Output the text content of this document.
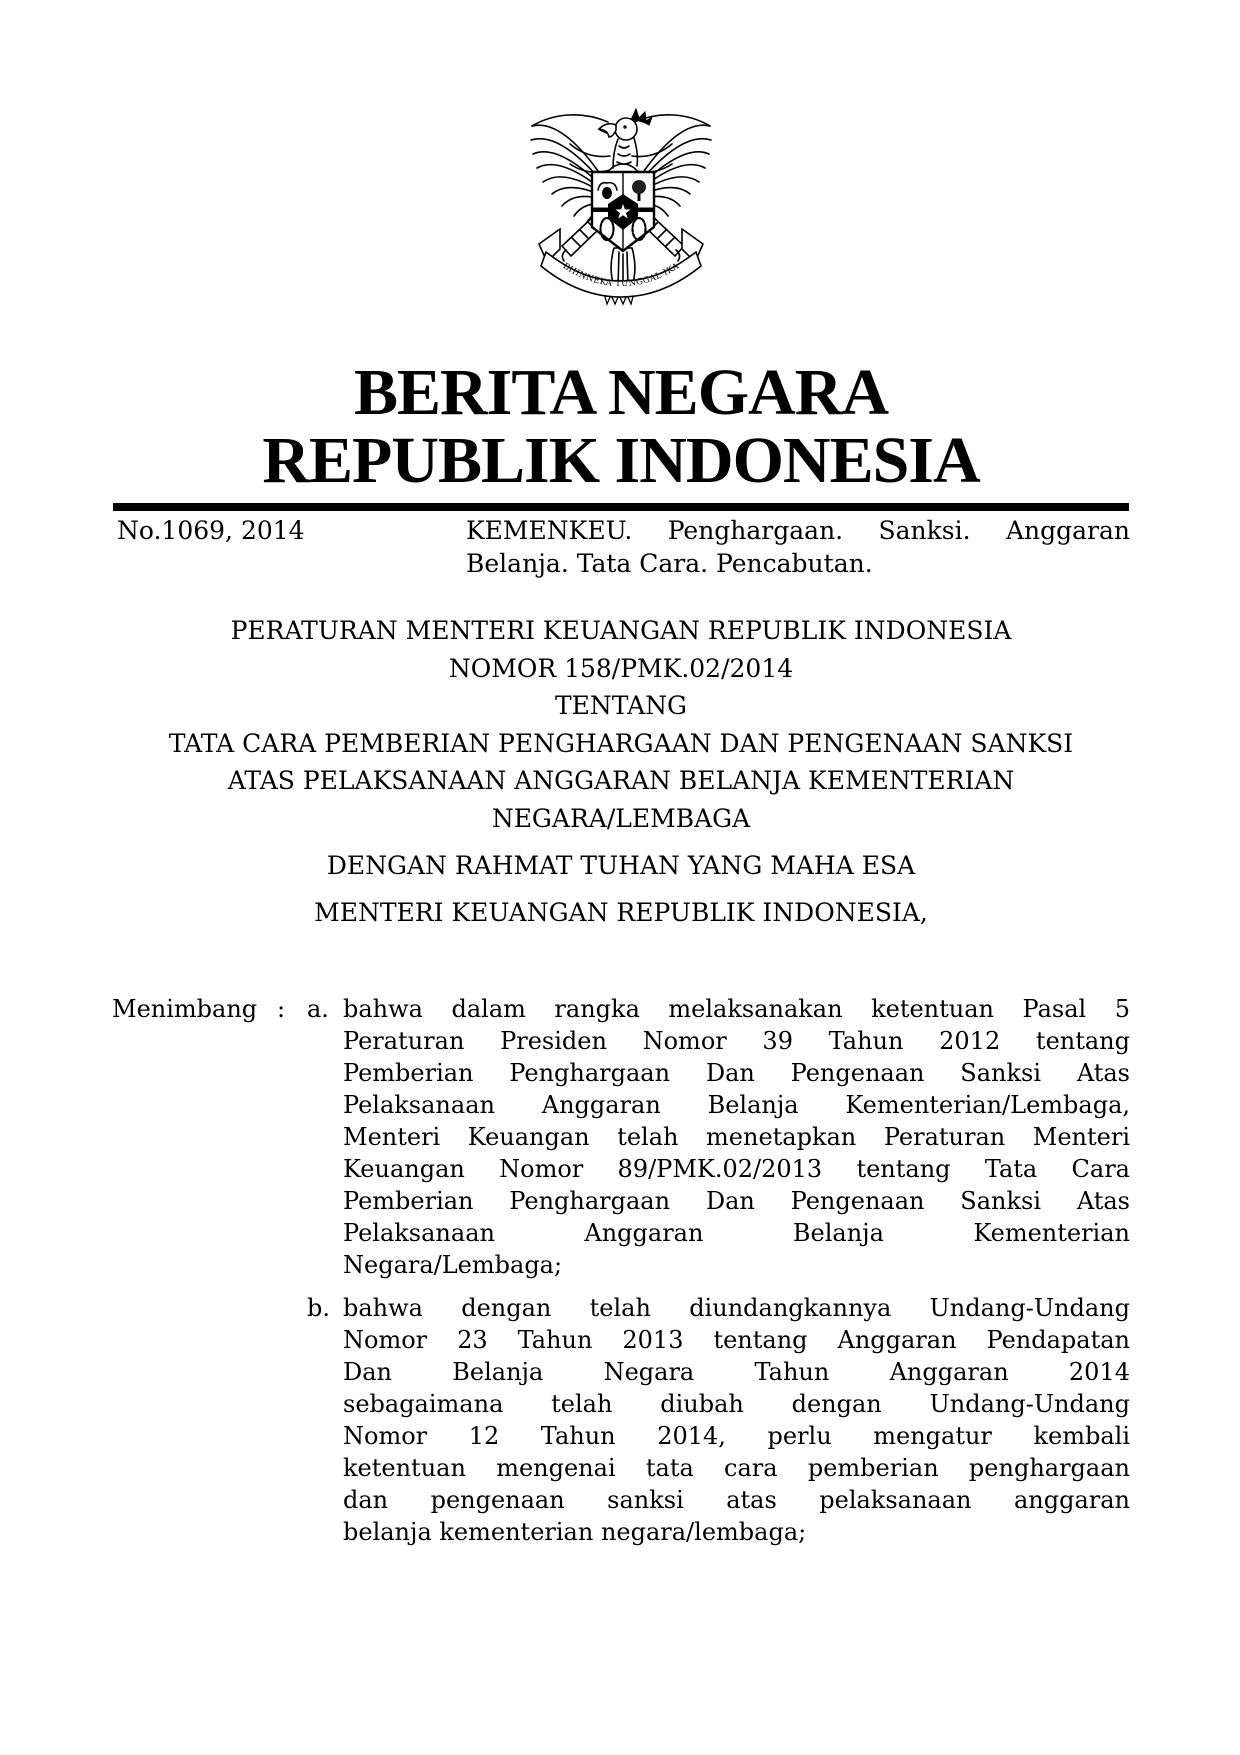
BHINNEKA TUNGGAL IKA
BERITA NEGARA
REPUBLIK INDONESIA
No.1069, 2014	KEMENKEU. Penghargaan. Sanksi. Anggaran
Belanja. Tata Cara. Pencabutan.
PERATURAN MENTERI KEUANGAN REPUBLIK INDONESIA
NOMOR 158/PMK.02/2014
TENTANG
TATA CARA PEMBERIAN PENGHARGAAN DAN PENGENAAN SANKSI
ATAS PELAKSANAAN ANGGARAN BELANJA KEMENTERIAN
NEGARA/LEMBAGA
DENGAN RAHMAT TUHAN YANG MAHA ESA
MENTERI KEUANGAN REPUBLIK INDONESIA,
Menimbang : a. bahwa dalam rangka melaksanakan ketentuan Pasal 5
Peraturan Presiden Nomor 39 Tahun 2012 tentang
Pemberian Penghargaan Dan Pengenaan Sanksi Atas
Pelaksanaan Anggaran Belanja Kementerian/Lembaga,
Menteri Keuangan telah menetapkan Peraturan Menteri
Keuangan Nomor 89/PMK.02/2013 tentang Tata Cara
Pemberian Penghargaan Dan Pengenaan Sanksi Atas
Pelaksanaan Anggaran Belanja Kementerian
Negara/Lembaga;
b. bahwa dengan telah diundangkannya Undang-Undang
Nomor 23 Tahun 2013 tentang Anggaran Pendapatan
Dan Belanja Negara Tahun Anggaran 2014
sebagaimana telah diubah dengan Undang-Undang
Nomor 12 Tahun 2014, perlu mengatur kembali
ketentuan mengenai tata cara pemberian penghargaan
dan pengenaan sanksi atas pelaksanaan anggaran
belanja kementerian negara/lembaga;
